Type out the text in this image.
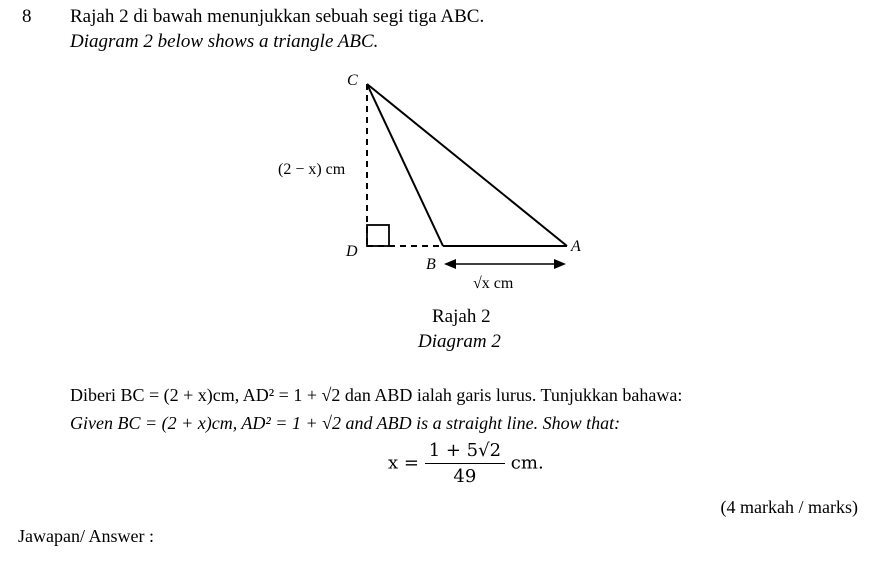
8 Rajah 2 di bawah menunjukkan sebuah segi tiga ABC.
Diagram 2 below shows a triangle ABC.
C
D
B
A
(2 − x) cm
√x cm
Rajah 2
Diagram 2
Diberi BC = (2 + x)cm, AD² = 1 + √2 dan ABD ialah garis lurus. Tunjukkan bahawa:
Given BC = (2 + x)cm, AD² = 1 + √2 and ABD is a straight line. Show that:
$x = \frac{1 + 5√2}{49}$ cm.
(4 markah / marks)
Jawapan/ Answer :
